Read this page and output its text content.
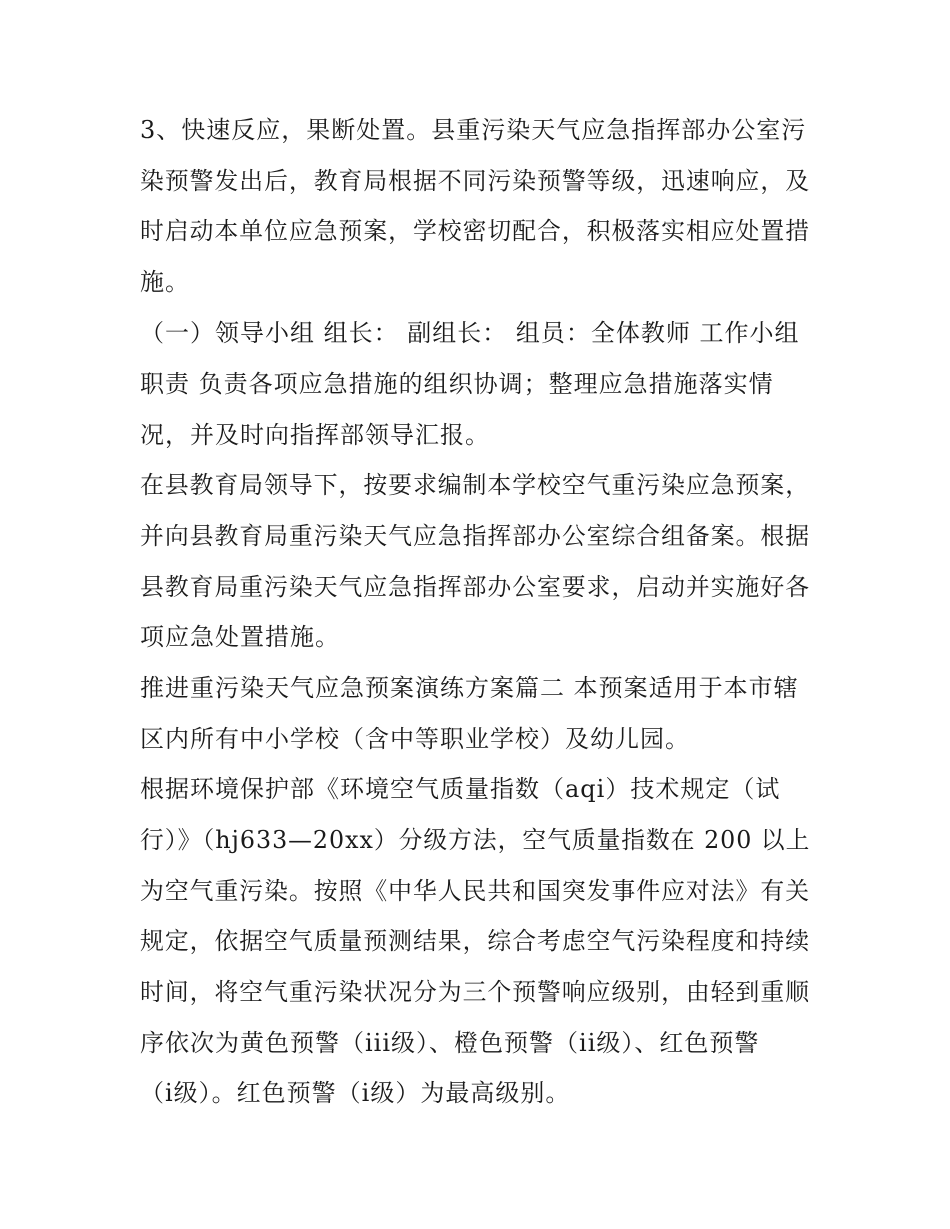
3、快速反应，果断处置。县重污染天气应急指挥部办公室污
染预警发出后，教育局根据不同污染预警等级，迅速响应，及
时启动本单位应急预案，学校密切配合，积极落实相应处置措
施。
（一）领导小组 组长： 副组长： 组员：全体教师 工作小组
职责 负责各项应急措施的组织协调；整理应急措施落实情
况，并及时向指挥部领导汇报。
在县教育局领导下，按要求编制本学校空气重污染应急预案，
并向县教育局重污染天气应急指挥部办公室综合组备案。根据
县教育局重污染天气应急指挥部办公室要求，启动并实施好各
项应急处置措施。
推进重污染天气应急预案演练方案篇二 本预案适用于本市辖
区内所有中小学校（含中等职业学校）及幼儿园。
根据环境保护部《环境空气质量指数（aqi）技术规定（试
行）》（hj633—20xx）分级方法，空气质量指数在 200 以上
为空气重污染。按照《中华人民共和国突发事件应对法》有关
规定，依据空气质量预测结果，综合考虑空气污染程度和持续
时间，将空气重污染状况分为三个预警响应级别，由轻到重顺
序依次为黄色预警（iii级）、橙色预警（ii级）、红色预警
（i级）。红色预警（i级）为最高级别。
